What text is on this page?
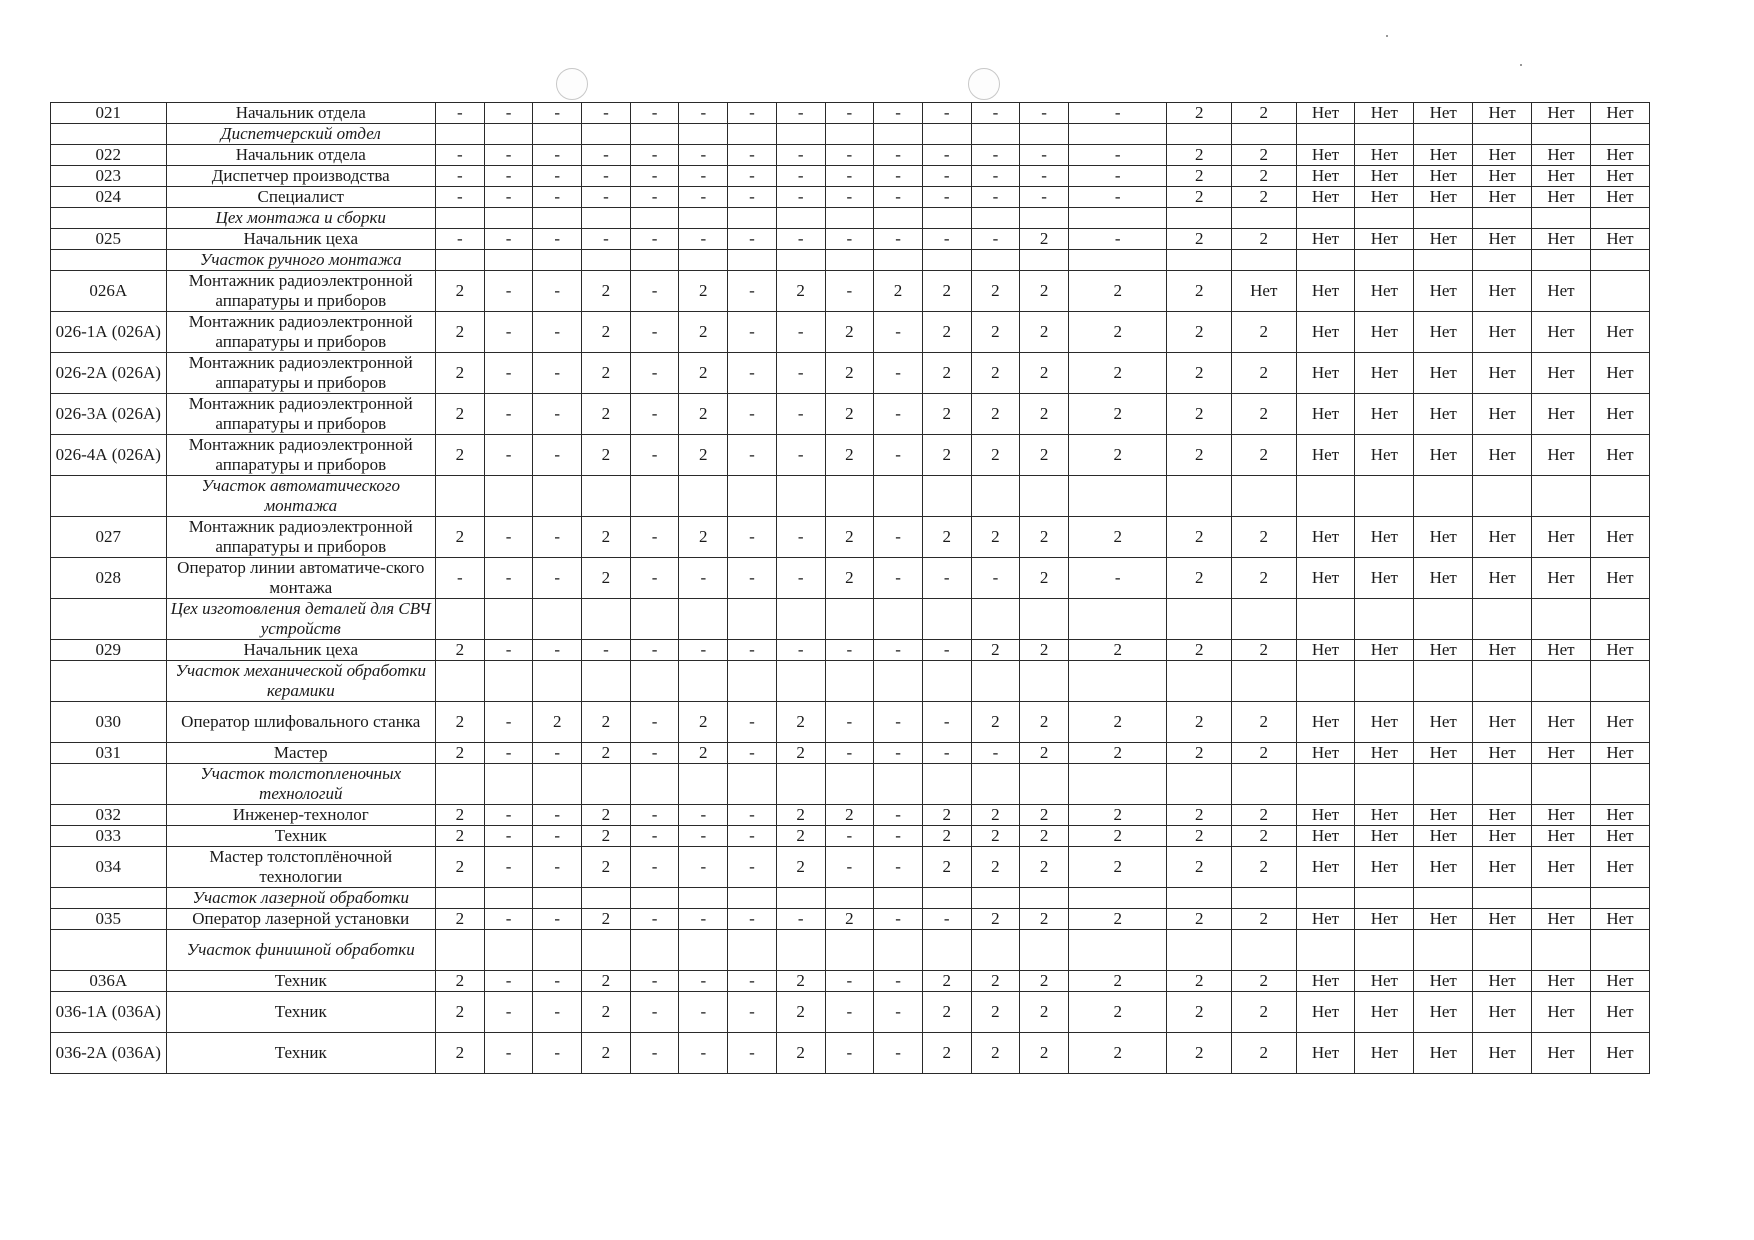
021	Начальник отдела	-	-	-	-	-	-	-	-	-	-	-	-	-	-	2	2	Нет	Нет	Нет	Нет	Нет	Нет
	Диспетчерский отдел																						
022	Начальник отдела	-	-	-	-	-	-	-	-	-	-	-	-	-	-	2	2	Нет	Нет	Нет	Нет	Нет	Нет
023	Диспетчер производства	-	-	-	-	-	-	-	-	-	-	-	-	-	-	2	2	Нет	Нет	Нет	Нет	Нет	Нет
024	Специалист	-	-	-	-	-	-	-	-	-	-	-	-	-	-	2	2	Нет	Нет	Нет	Нет	Нет	Нет
	Цех монтажа и сборки																						
025	Начальник цеха	-	-	-	-	-	-	-	-	-	-	-	-	2	-	2	2	Нет	Нет	Нет	Нет	Нет	Нет
	Участок ручного монтажа																						
026А	Монтажник радиоэлектронной аппаратуры и приборов	2	-	-	2	-	2	-	2	-	2	2	2	2	2	2	Нет	Нет	Нет	Нет	Нет	Нет	
026-1А (026А)	Монтажник радиоэлектронной аппаратуры и приборов	2	-	-	2	-	2	-	-	2	-	2	2	2	2	2	2	Нет	Нет	Нет	Нет	Нет	Нет
026-2А (026А)	Монтажник радиоэлектронной аппаратуры и приборов	2	-	-	2	-	2	-	-	2	-	2	2	2	2	2	2	Нет	Нет	Нет	Нет	Нет	Нет
026-3А (026А)	Монтажник радиоэлектронной аппаратуры и приборов	2	-	-	2	-	2	-	-	2	-	2	2	2	2	2	2	Нет	Нет	Нет	Нет	Нет	Нет
026-4А (026А)	Монтажник радиоэлектронной аппаратуры и приборов	2	-	-	2	-	2	-	-	2	-	2	2	2	2	2	2	Нет	Нет	Нет	Нет	Нет	Нет
	Участок автоматического монтажа																						
027	Монтажник радиоэлектронной аппаратуры и приборов	2	-	-	2	-	2	-	-	2	-	2	2	2	2	2	2	Нет	Нет	Нет	Нет	Нет	Нет
028	Оператор линии автоматиче-ского монтажа	-	-	-	2	-	-	-	-	2	-	-	-	2	-	2	2	Нет	Нет	Нет	Нет	Нет	Нет
	Цех изготовления деталей для СВЧ устройств																						
029	Начальник цеха	2	-	-	-	-	-	-	-	-	-	-	2	2	2	2	2	Нет	Нет	Нет	Нет	Нет	Нет
	Участок механической обработки керамики																						
030	Оператор шлифовального станка	2	-	2	2	-	2	-	2	-	-	-	2	2	2	2	2	Нет	Нет	Нет	Нет	Нет	Нет
031	Мастер	2	-	-	2	-	2	-	2	-	-	-	-	2	2	2	2	Нет	Нет	Нет	Нет	Нет	Нет
	Участок толстопленочных технологий																						
032	Инженер-технолог	2	-	-	2	-	-	-	2	2	-	2	2	2	2	2	2	Нет	Нет	Нет	Нет	Нет	Нет
033	Техник	2	-	-	2	-	-	-	2	-	-	2	2	2	2	2	2	Нет	Нет	Нет	Нет	Нет	Нет
034	Мастер толстоплёночной технологии	2	-	-	2	-	-	-	2	-	-	2	2	2	2	2	2	Нет	Нет	Нет	Нет	Нет	Нет
	Участок лазерной обработки																						
035	Оператор лазерной установки	2	-	-	2	-	-	-	-	2	-	-	2	2	2	2	2	Нет	Нет	Нет	Нет	Нет	Нет
	Участок финишной обработки																						
036А	Техник	2	-	-	2	-	-	-	2	-	-	2	2	2	2	2	2	Нет	Нет	Нет	Нет	Нет	Нет
036-1А (036А)	Техник	2	-	-	2	-	-	-	2	-	-	2	2	2	2	2	2	Нет	Нет	Нет	Нет	Нет	Нет
036-2А (036А)	Техник	2	-	-	2	-	-	-	2	-	-	2	2	2	2	2	2	Нет	Нет	Нет	Нет	Нет	Нет
